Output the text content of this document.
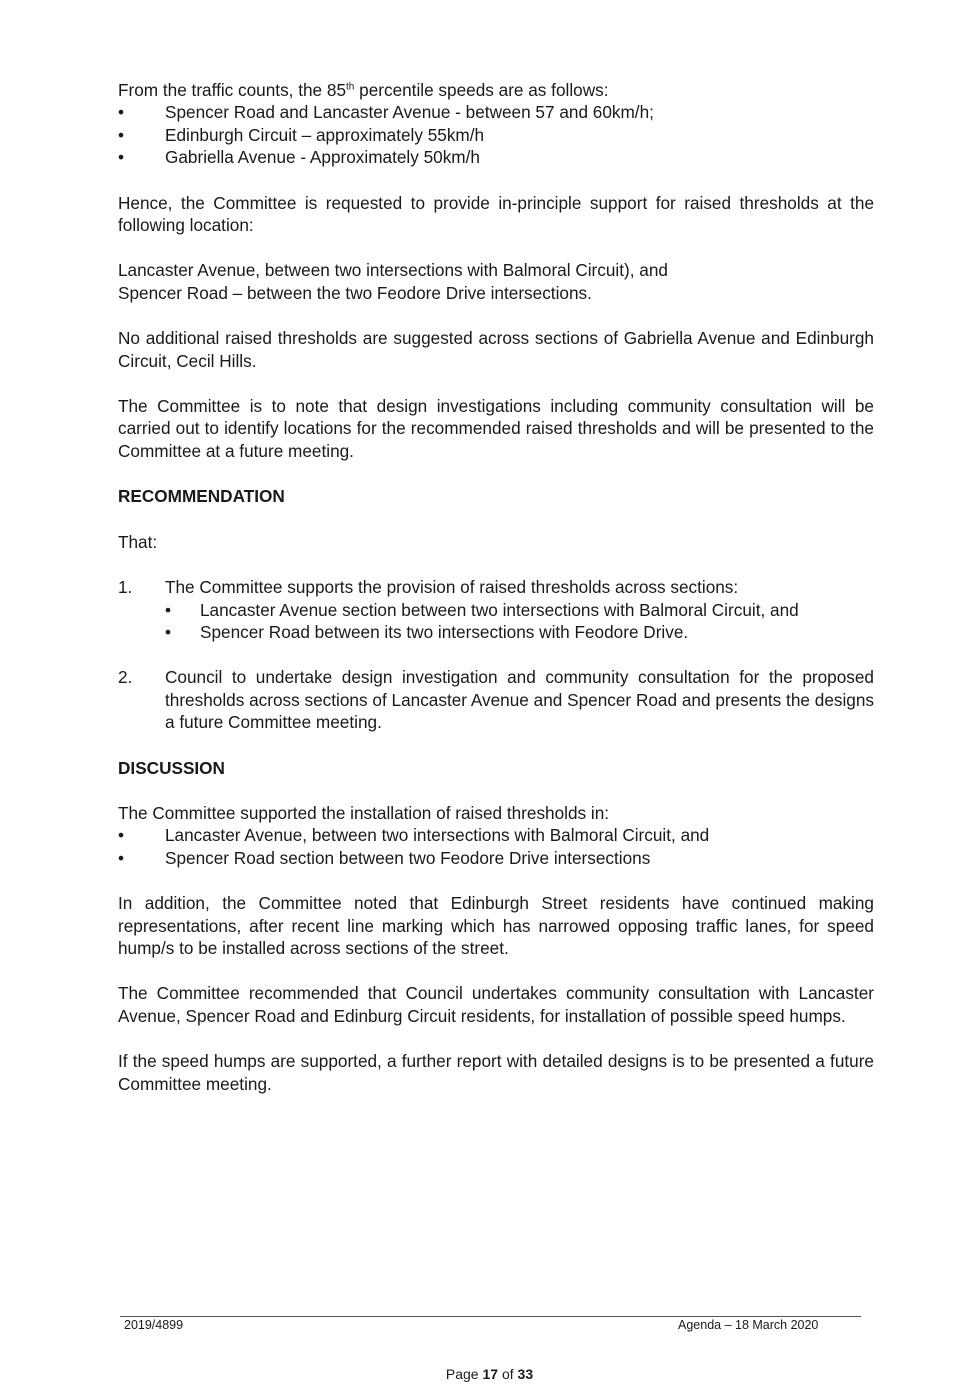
From the traffic counts, the 85th percentile speeds are as follows:

• Spencer Road and Lancaster Avenue - between 57 and 60km/h;
• Edinburgh Circuit – approximately 55km/h
• Gabriella Avenue - Approximately 50km/h

Hence, the Committee is requested to provide in-principle support for raised thresholds at the following location:

Lancaster Avenue, between two intersections with Balmoral Circuit), and

Spencer Road – between the two Feodore Drive intersections.

No additional raised thresholds are suggested across sections of Gabriella Avenue and Edinburgh Circuit, Cecil Hills.

The Committee is to note that design investigations including community consultation will be carried out to identify locations for the recommended raised thresholds and will be presented to the Committee at a future meeting.

RECOMMENDATION

That:

1. The Committee supports the provision of raised thresholds across sections:

• Lancaster Avenue section between two intersections with Balmoral Circuit, and
• Spencer Road between its two intersections with Feodore Drive.
2. Council to undertake design investigation and community consultation for the proposed thresholds across sections of Lancaster Avenue and Spencer Road and presents the designs a future Committee meeting.

DISCUSSION

The Committee supported the installation of raised thresholds in:

• Lancaster Avenue, between two intersections with Balmoral Circuit, and
• Spencer Road section between two Feodore Drive intersections

In addition, the Committee noted that Edinburgh Street residents have continued making representations, after recent line marking which has narrowed opposing traffic lanes, for speed hump/s to be installed across sections of the street.

The Committee recommended that Council undertakes community consultation with Lancaster Avenue, Spencer Road and Edinburg Circuit residents, for installation of possible speed humps.

If the speed humps are supported, a further report with detailed designs is to be presented a future Committee meeting.

2019/4899	Agenda – 18 March 2020
Page 17 of 33
